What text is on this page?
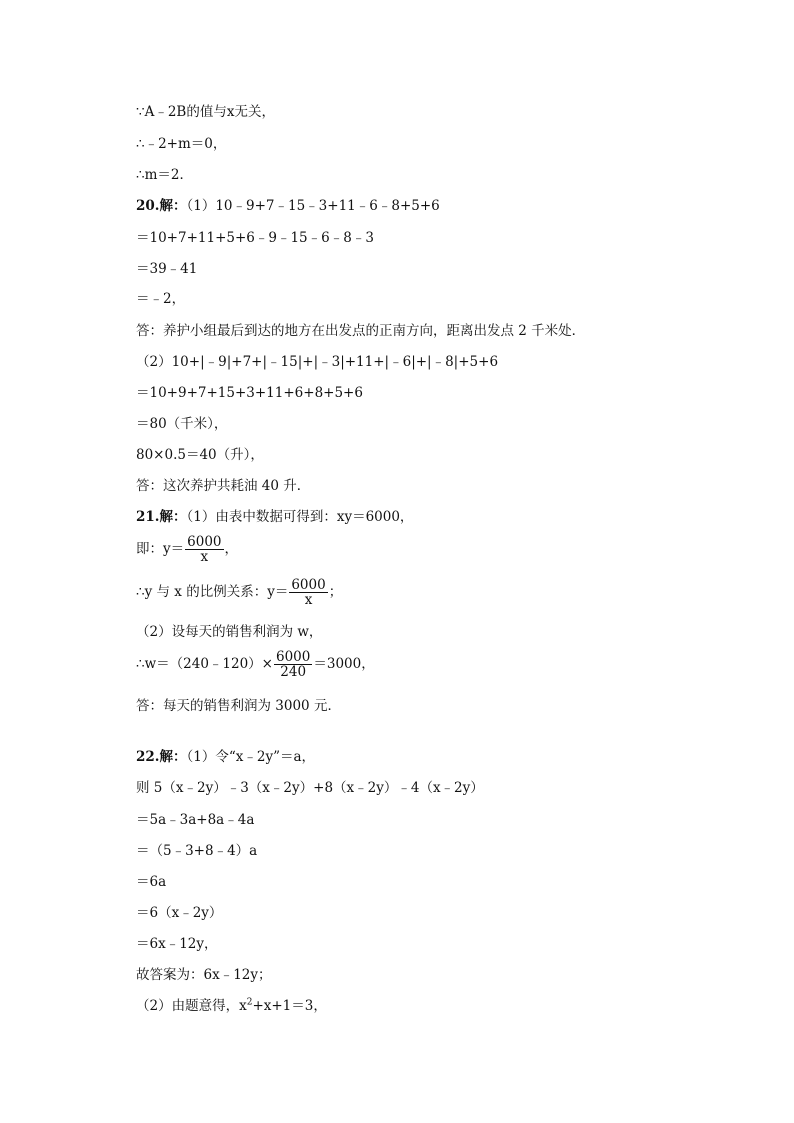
∵A﹣2B的值与x无关，
∴﹣2+m＝0，
∴m＝2．
20.解：（1）10﹣9+7﹣15﹣3+11﹣6﹣8+5+6
＝10+7+11+5+6﹣9﹣15﹣6﹣8﹣3
＝39﹣41
＝﹣2，
答：养护小组最后到达的地方在出发点的正南方向，距离出发点 2 千米处．
（2）10+|﹣9|+7+|﹣15|+|﹣3|+11+|﹣6|+|﹣8|+5+6
＝10+9+7+15+3+11+6+8+5+6
＝80（千米），
80×0.5＝40（升），
答：这次养护共耗油 40 升．
21.解：（1）由表中数据可得到：xy＝6000，
即：$y= \frac{6000}{x}$ ，
∴y 与 x 的比例关系：$y= \frac{6000}{x}$ ；
（2）设每天的销售利润为 w，
∴w＝（240﹣120）× $\frac{6000}{240} =3000$，
答：每天的销售利润为 3000 元．
22.解：（1）令“x﹣2y”＝a，
则 5（x﹣2y）﹣3（x﹣2y）+8（x﹣2y）﹣4（x﹣2y）
＝5a﹣3a+8a﹣4a
＝（5﹣3+8﹣4）a
＝6a
＝6（x﹣2y）
＝6x﹣12y，
故答案为：6x﹣12y；
（2）由题意得，$x^2+x+1=3$，
